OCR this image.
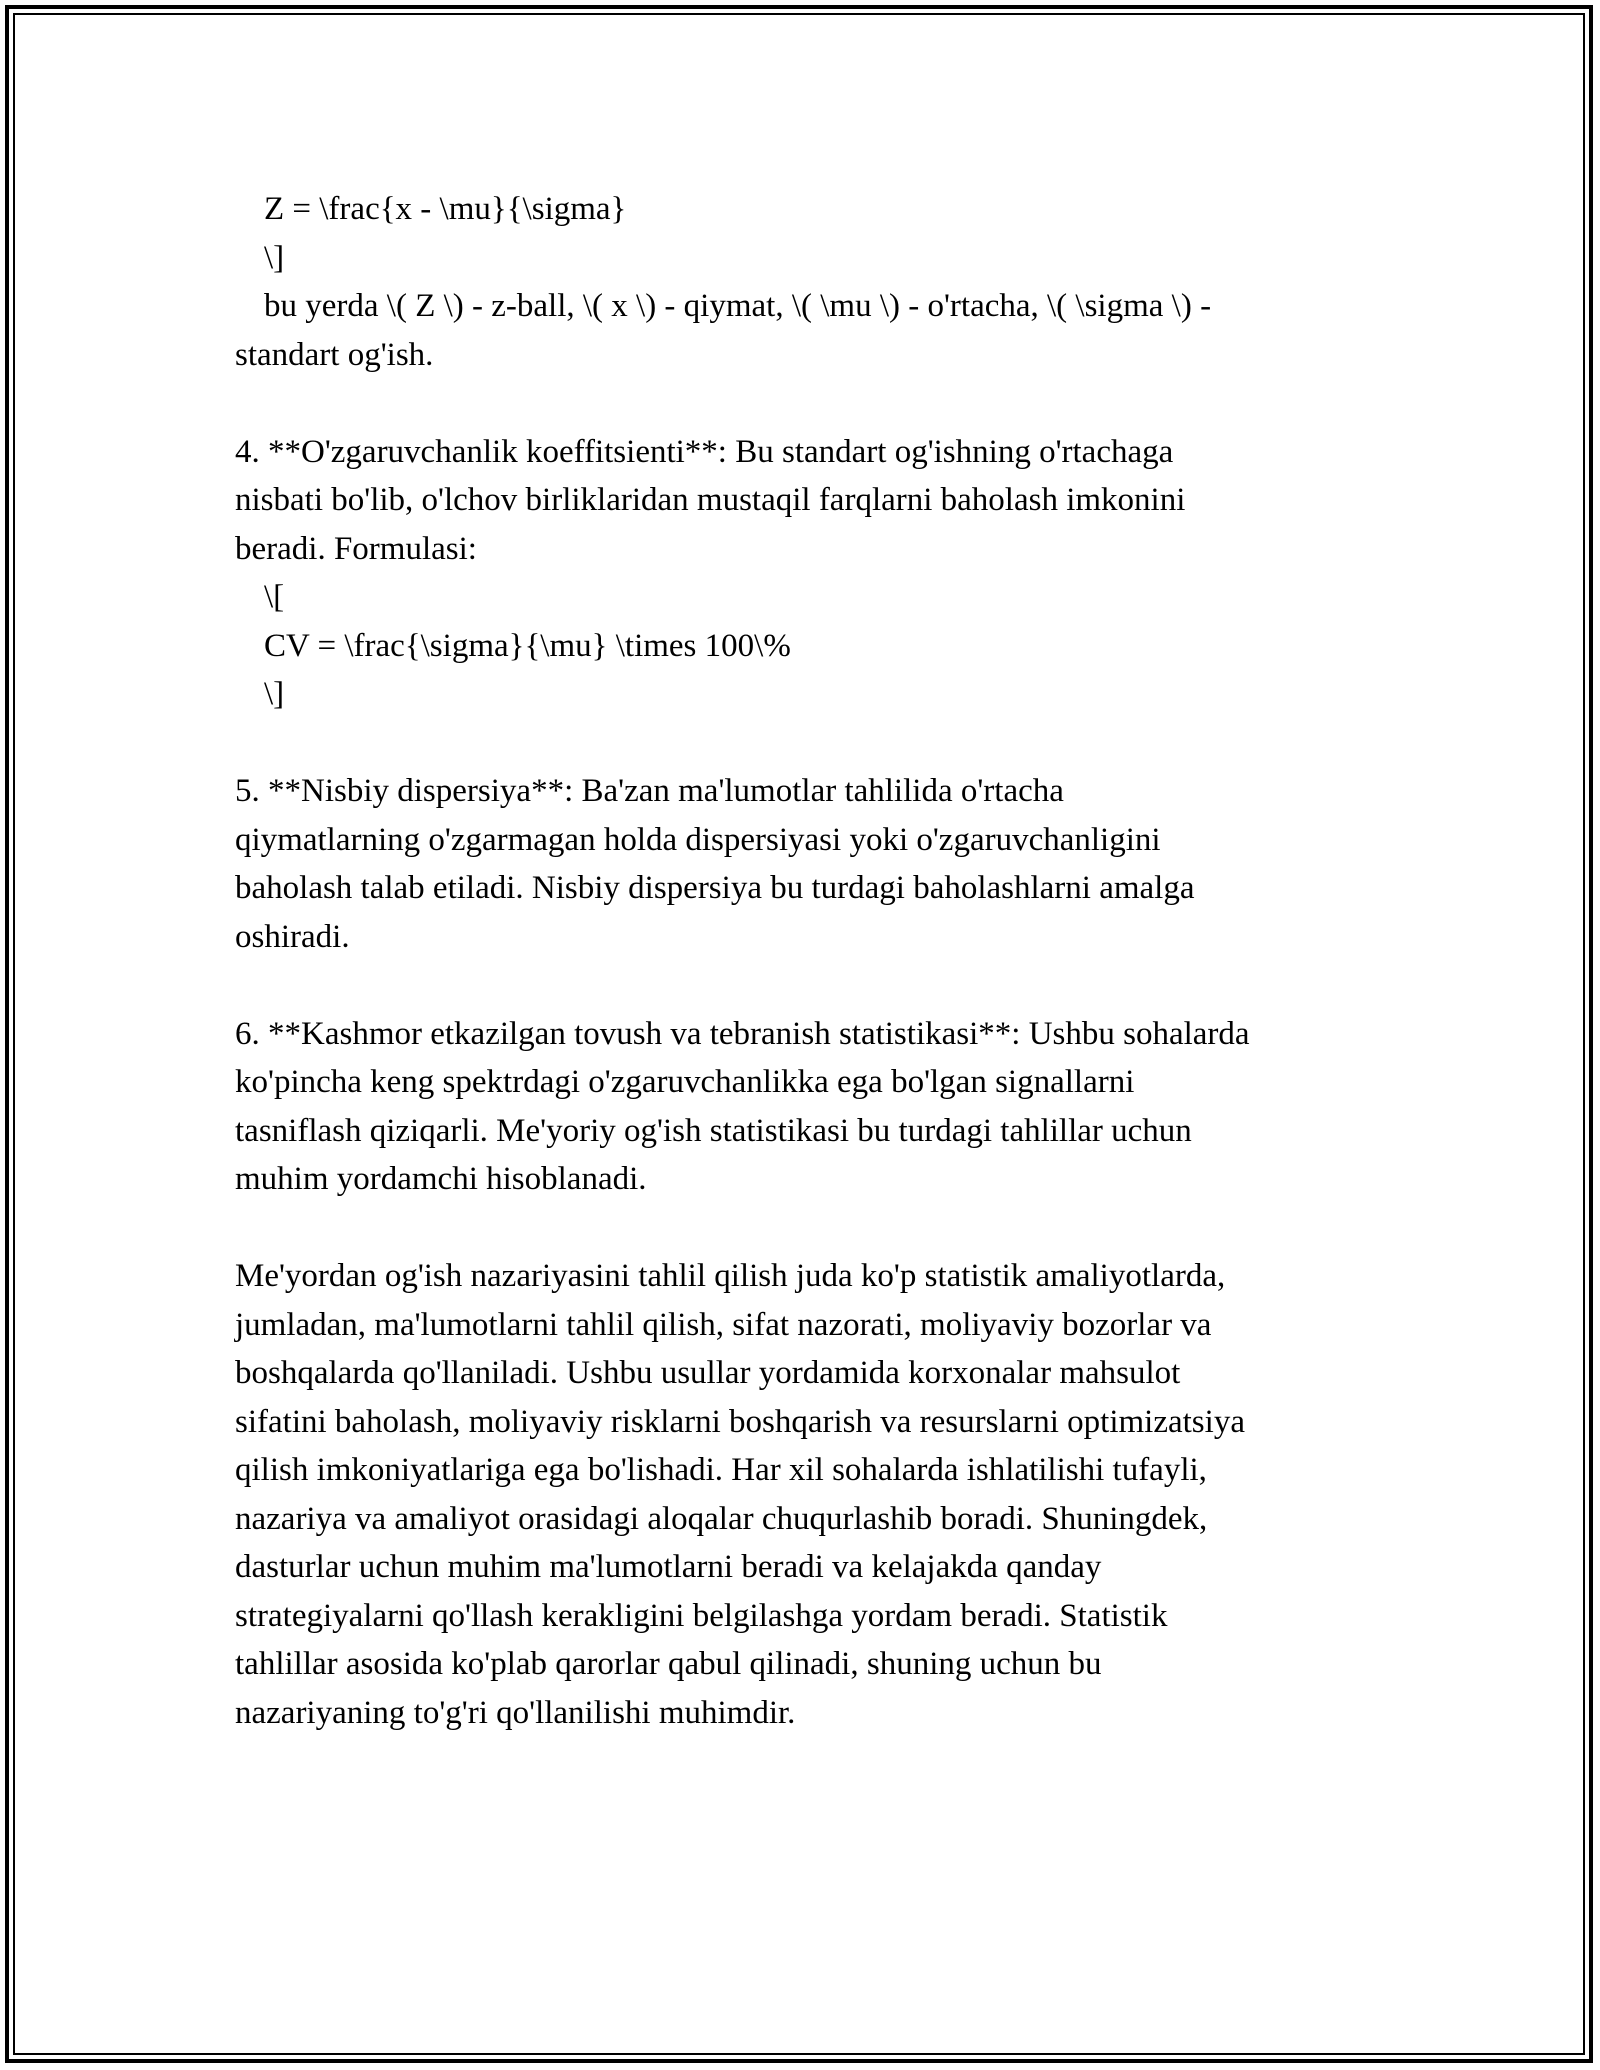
Z = \frac{x - \mu}{\sigma}
\]
bu yerda \( Z \) - z-ball, \( x \) - qiymat, \( \mu \) - o'rtacha, \( \sigma \) -
standart og'ish.
4. **O'zgaruvchanlik koeffitsienti**: Bu standart og'ishning o'rtachaga
nisbati bo'lib, o'lchov birliklaridan mustaqil farqlarni baholash imkonini
beradi. Formulasi:
\[
CV = \frac{\sigma}{\mu} \times 100\%
\]
5. **Nisbiy dispersiya**: Ba'zan ma'lumotlar tahlilida o'rtacha
qiymatlarning o'zgarmagan holda dispersiyasi yoki o'zgaruvchanligini
baholash talab etiladi. Nisbiy dispersiya bu turdagi baholashlarni amalga
oshiradi.
6. **Kashmor etkazilgan tovush va tebranish statistikasi**: Ushbu sohalarda
ko'pincha keng spektrdagi o'zgaruvchanlikka ega bo'lgan signallarni
tasniflash qiziqarli. Me'yoriy og'ish statistikasi bu turdagi tahlillar uchun
muhim yordamchi hisoblanadi.
Me'yordan og'ish nazariyasini tahlil qilish juda ko'p statistik amaliyotlarda,
jumladan, ma'lumotlarni tahlil qilish, sifat nazorati, moliyaviy bozorlar va
boshqalarda qo'llaniladi. Ushbu usullar yordamida korxonalar mahsulot
sifatini baholash, moliyaviy risklarni boshqarish va resurslarni optimizatsiya
qilish imkoniyatlariga ega bo'lishadi. Har xil sohalarda ishlatilishi tufayli,
nazariya va amaliyot orasidagi aloqalar chuqurlashib boradi. Shuningdek,
dasturlar uchun muhim ma'lumotlarni beradi va kelajakda qanday
strategiyalarni qo'llash kerakligini belgilashga yordam beradi. Statistik
tahlillar asosida ko'plab qarorlar qabul qilinadi, shuning uchun bu
nazariyaning to'g'ri qo'llanilishi muhimdir.
